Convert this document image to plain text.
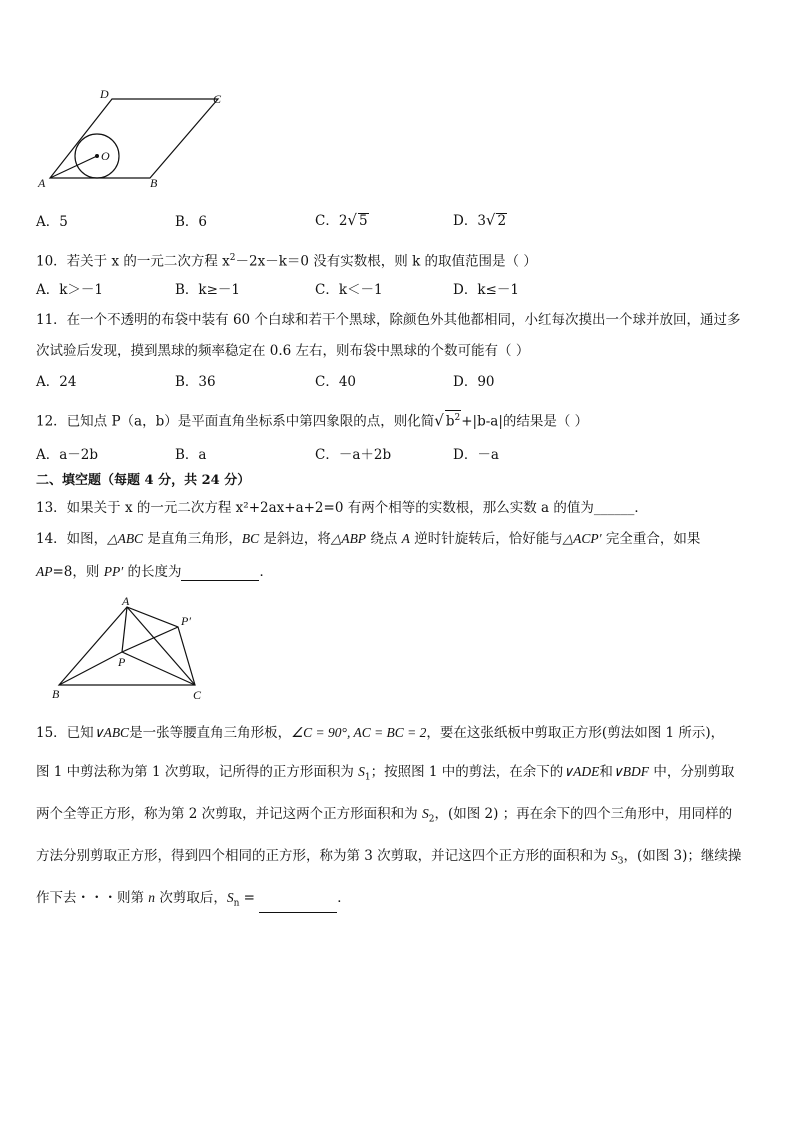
D	C
O
A	B
A．5	B．6	C．2√ 5	D．3√ 2
10．若关于 x 的一元二次方程 $x^2-2x-k=0$ 没有实数根，则 k 的取值范围是（ ）
A．k＞－1	B．k≥－1	C．k＜－1	D．k≤－1
11．在一个不透明的布袋中装有 60 个白球和若干个黑球，除颜色外其他都相同，小红每次摸出一个球并放回，通过多
次试验后发现，摸到黑球的频率稳定在 0.6 左右，则布袋中黑球的个数可能有（ ）
A．24	B．36	C．40	D．90
12．已知点 P（a，b）是平面直角坐标系中第四象限的点，则化简√ $b^2+|b-a|$的结果是（ ）
A．a－2b	B．a	C．－a＋2b	D．－a
二、填空题（每题 4 分，共 24 分）
13．如果关于 x 的一元二次方程 x²+2ax+a+2=0 有两个相等的实数根，那么实数 a 的值为______．
14．如图，△ABC 是直角三角形，BC 是斜边，将△ABP 绕点 A 逆时针旋转后，恰好能与△ACP′ 完全重合，如果
AP=8，则 PP′ 的长度为	．
A
P′
P
B	C
15．已知∨ABC是一张等腰直角三角形板，∠C = 90°, AC = BC = 2，要在这张纸板中剪取正方形(剪法如图 1 所示)，
图 1 中剪法称为第 1 次剪取，记所得的正方形面积为 $S_1$；按照图 1 中的剪法，在余下的∨ADE和∨BDF 中，分别剪取
两个全等正方形，称为第 2 次剪取，并记这两个正方形面积和为 $S_2$，(如图 2) ；再在余下的四个三角形中，用同样的
方法分别剪取正方形，得到四个相同的正方形，称为第 3 次剪取，并记这四个正方形的面积和为 $S_3$，(如图 3)；继续操
作下去・・・则第 n 次剪取后，$S_n$ =	．
